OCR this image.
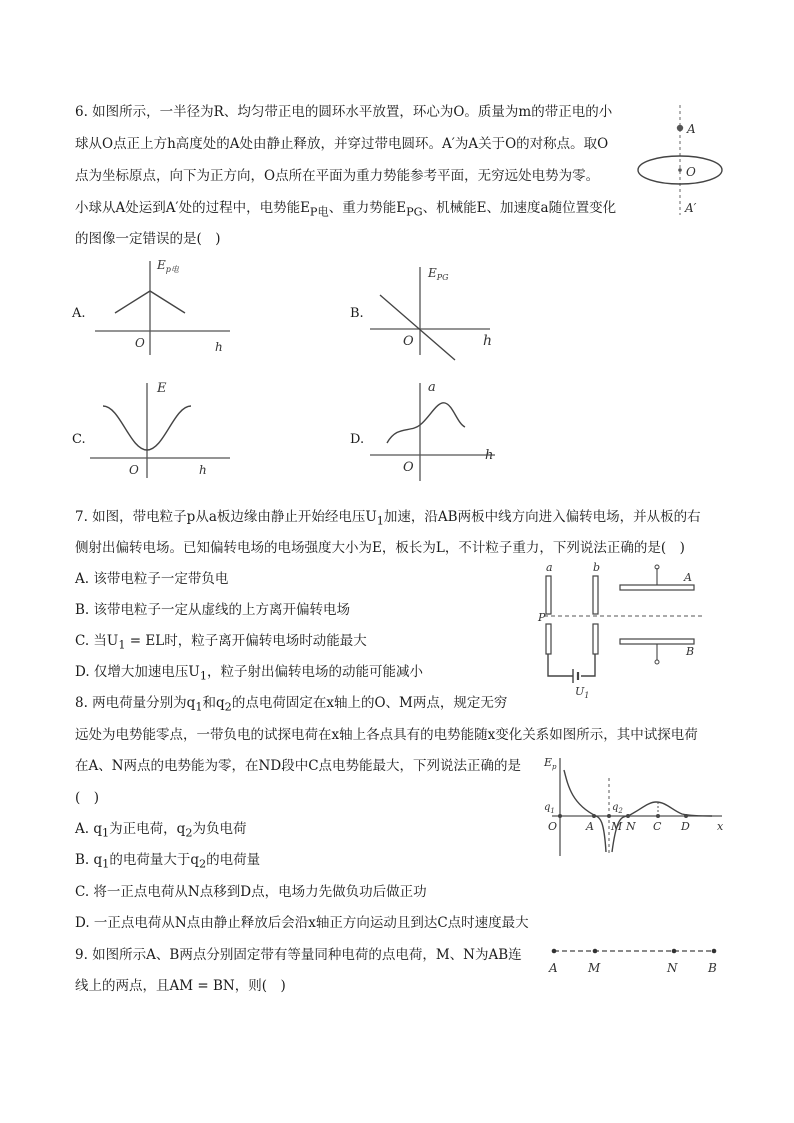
6. 如图所示，一半径为R、均匀带正电的圆环水平放置，环心为O。质量为m的带正电的小
球从O点正上方h高度处的A处由静止释放，并穿过带电圆环。A′为A关于O的对称点。取O
点为坐标原点，向下为正方向，O点所在平面为重力势能参考平面，无穷远处电势为零。
小球从A处运到A′处的过程中，电势能$E_{P电}$、重力势能$E_{PG}$、机械能E、加速度a随位置变化
的图像一定错误的是(　)
A
O
A′
A.
$E_{p电}$
O	h
B.
$E_{PG}$
O	h
C.
E
O	h
D.
a
O
h
7. 如图，带电粒子p从a板边缘由静止开始经电压$U_1$加速，沿AB两板中线方向进入偏转电场，并从板的右
侧射出偏转电场。已知偏转电场的电场强度大小为E，板长为L，不计粒子重力，下列说法正确的是(　)
A. 该带电粒子一定带负电
B. 该带电粒子一定从虚线的上方离开偏转电场
C. 当$U_1$ = EL时，粒子离开偏转电场时动能最大
D. 仅增大加速电压$U_1$，粒子射出偏转电场的动能可能减小
a	b
A
B
P
$U_1$
8. 两电荷量分别为$q_1$和$q_2$的点电荷固定在x轴上的O、M两点，规定无穷
远处为电势能零点，一带负电的试探电荷在x轴上各点具有的电势能随x变化关系如图所示，其中试探电荷
在A、N两点的电势能为零，在ND段中C点电势能最大，下列说法正确的是
(　)
A. $q_1$为正电荷，$q_2$为负电荷
B. $q_1$的电荷量大于$q_2$的电荷量
C. 将一正点电荷从N点移到D点，电场力先做负功后做正功
D. 一正点电荷从N点由静止释放后会沿x轴正方向运动且到达C点时速度最大
$E_p$
$q_1$	$q_2$
O	A M N C D x
9. 如图所示A、B两点分别固定带有等量同种电荷的点电荷，M、N为AB连
线上的两点，且AM = BN，则(　)
A	M	N	B
